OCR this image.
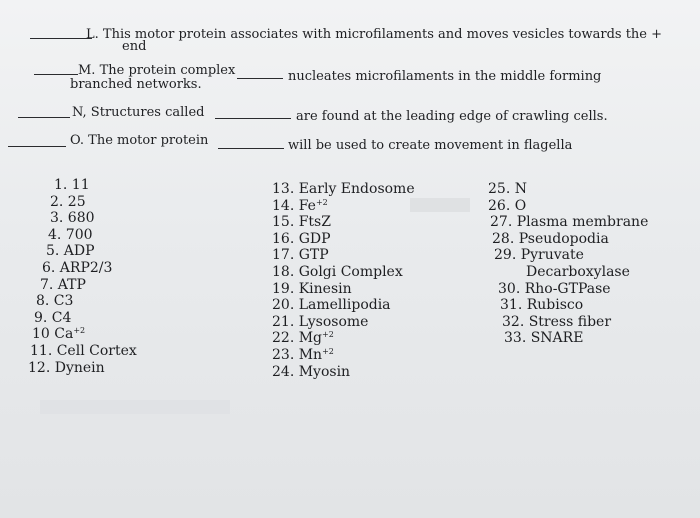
L. This motor protein associates with microfilaments and moves vesicles towards the +
end
M. The protein complex	nucleates microfilaments in the middle forming
branched networks.
N, Structures called	are found at the leading edge of crawling cells.
O. The motor protein	will be used to create movement in flagella
1. 11
2. 25
3. 680
4. 700
5. ADP
6. ARP2/3
7. ATP
8. C3
9. C4
10 $Ca^{+2}$
11. Cell Cortex
12. Dynein
13. Early Endosome
14. $Fe^{+2}$
15. FtsZ
16. GDP
17. GTP
18. Golgi Complex
19. Kinesin
20. Lamellipodia
21. Lysosome
22. $Mg^{+2}$
23. $Mn^{+2}$
24. Myosin
25. N
26. O
27. Plasma membrane
28. Pseudopodia
29. Pyruvate
Decarboxylase
30. Rho-GTPase
31. Rubisco
32. Stress fiber
33. SNARE
